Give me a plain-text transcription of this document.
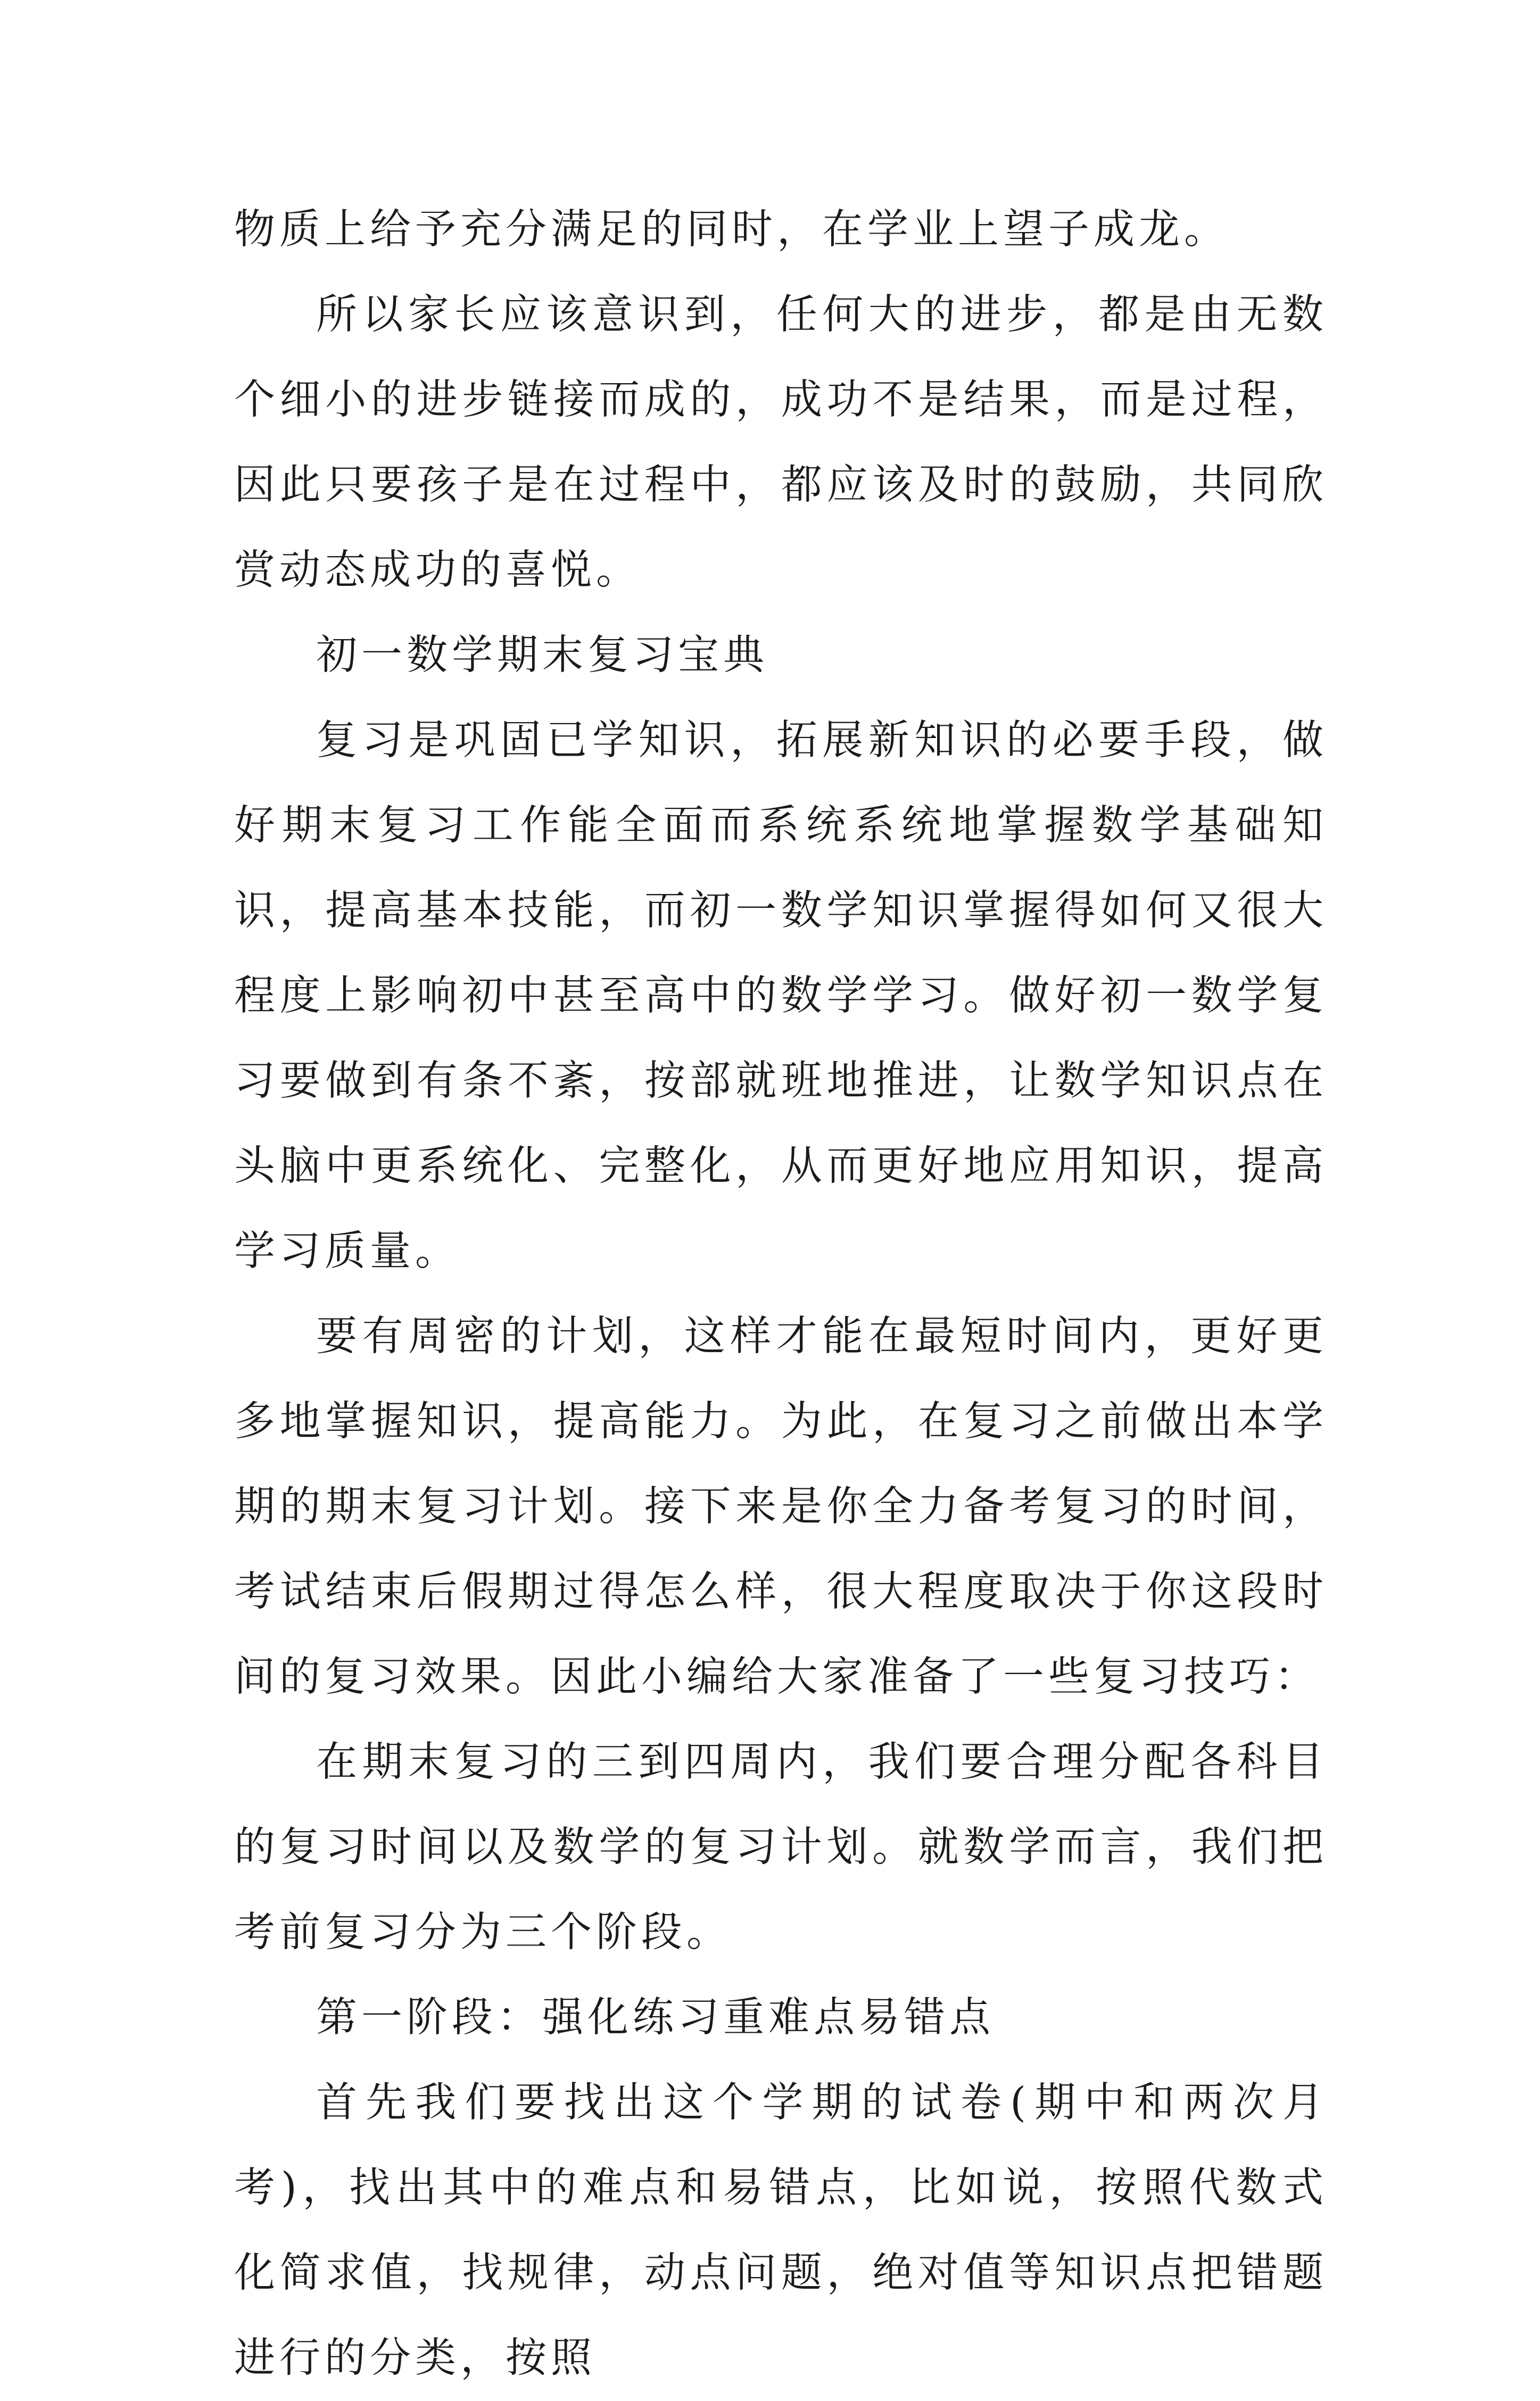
物质上给予充分满足的同时，在学业上望子成龙。

所以家长应该意识到，任何大的进步，都是由无数个细小的进步链接而成的，成功不是结果，而是过程，因此只要孩子是在过程中，都应该及时的鼓励，共同欣赏动态成功的喜悦。

初一数学期末复习宝典

复习是巩固已学知识，拓展新知识的必要手段，做好期末复习工作能全面而系统系统地掌握数学基础知识，提高基本技能，而初一数学知识掌握得如何又很大程度上影响初中甚至高中的数学学习。做好初一数学复习要做到有条不紊，按部就班地推进，让数学知识点在头脑中更系统化、完整化，从而更好地应用知识，提高学习质量。

要有周密的计划，这样才能在最短时间内，更好更多地掌握知识，提高能力。为此，在复习之前做出本学期的期末复习计划。接下来是你全力备考复习的时间，考试结束后假期过得怎么样，很大程度取决于你这段时间的复习效果。因此小编给大家准备了一些复习技巧：

在期末复习的三到四周内，我们要合理分配各科目的复习时间以及数学的复习计划。就数学而言，我们把考前复习分为三个阶段。

第一阶段：强化练习重难点易错点

首先我们要找出这个学期的试卷(期中和两次月考)，找出其中的难点和易错点，比如说，按照代数式化简求值，找规律，动点问题，绝对值等知识点把错题进行的分类，按照
